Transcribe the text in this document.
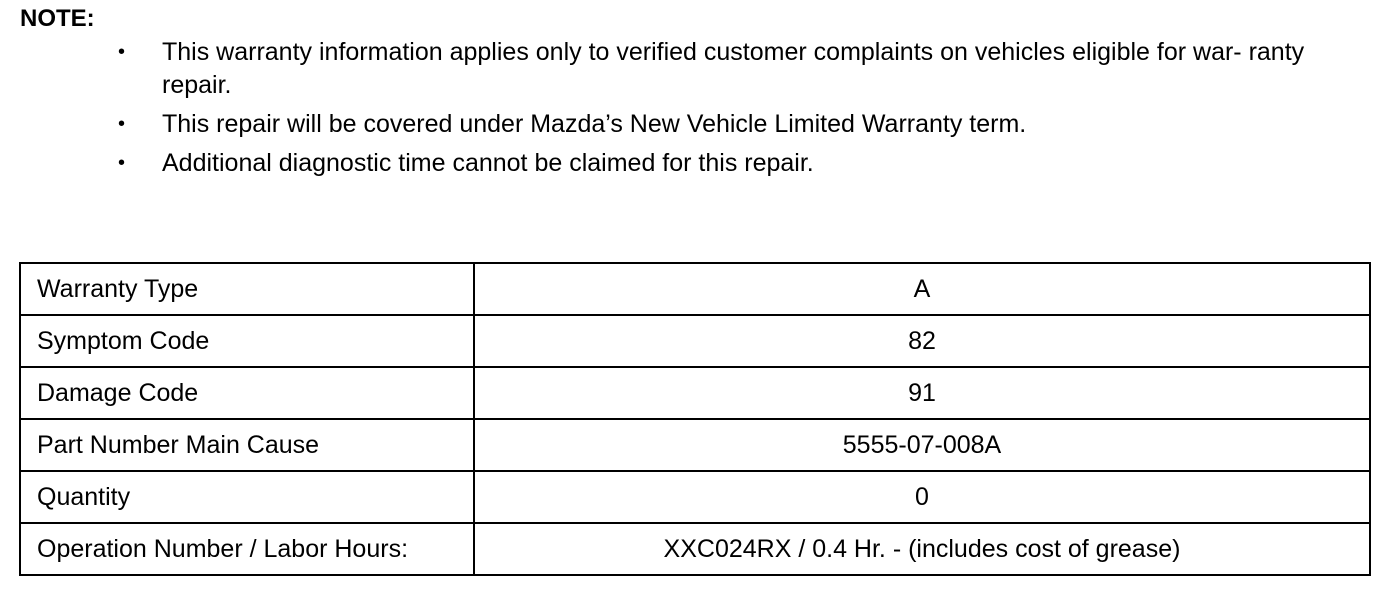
NOTE:
• This warranty information applies only to verified customer complaints on vehicles eligible for war- ranty repair.
• This repair will be covered under Mazda’s New Vehicle Limited Warranty term.
• Additional diagnostic time cannot be claimed for this repair.
Warranty Type	A
Symptom Code	82
Damage Code	91
Part Number Main Cause	5555-07-008A
Quantity	0
Operation Number / Labor Hours:	XXC024RX / 0.4 Hr. - (includes cost of grease)
